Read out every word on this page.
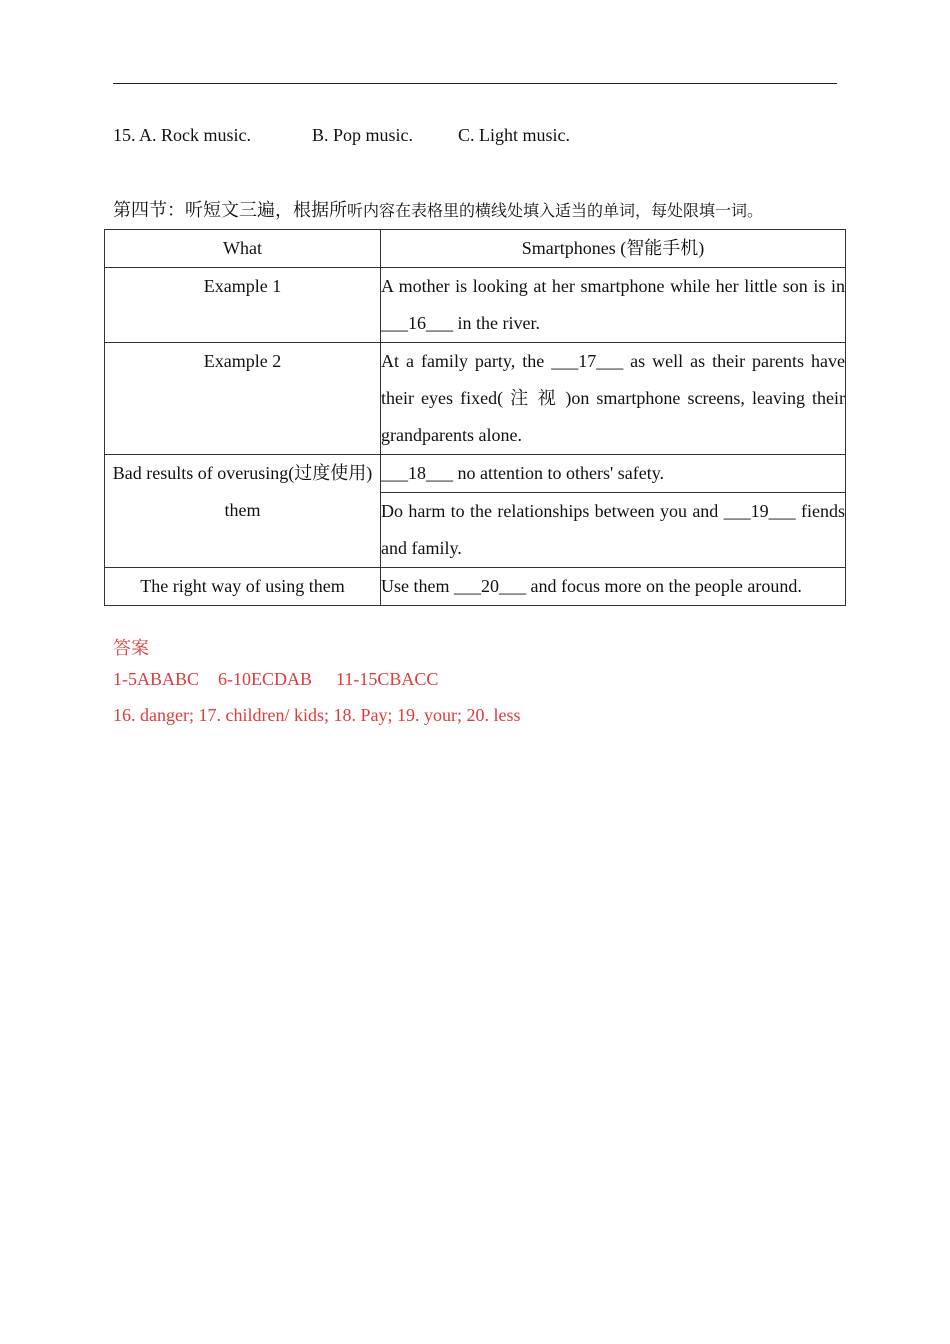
15. A. Rock music.	B. Pop music. C. Light music.
第四节：听短文三遍，根据所听内容在表格里的横线处填入适当的单词，每处限填一词。
What	Smartphones (智能手机)
Example 1	A mother is looking at her smartphone while her little son is in ___16___ in the river.
Example 2	At a family party, the ___17___ as well as their parents have their eyes fixed( 注 视 )on smartphone screens, leaving their grandparents alone.
Bad results of overusing(过度使用) them	___18___ no attention to others' safety.
	Do harm to the relationships between you and ___19___ fiends and family.
The right way of using them	Use them ___20___ and focus more on the people around.
答案
1-5ABABC 6-10ECDAB 11-15CBACC
16. danger; 17. children/ kids; 18. Pay; 19. your; 20. less
